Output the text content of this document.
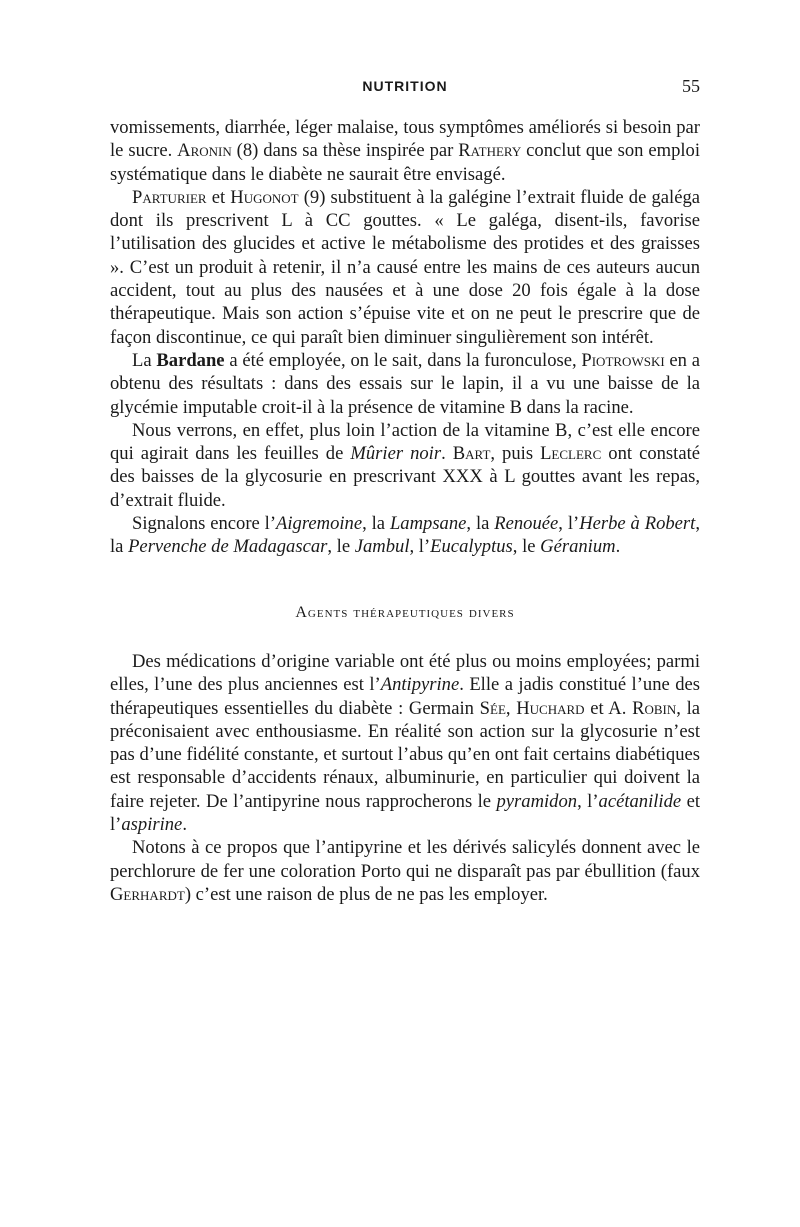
NUTRITION	55

vomissements, diarrhée, léger malaise, tous symptômes améliorés si besoin par le sucre. Aronin (8) dans sa thèse inspirée par Rathery conclut que son emploi systématique dans le diabète ne saurait être envisagé.

Parturier et Hugonot (9) substituent à la galégine l’extrait fluide de galéga dont ils prescrivent L à CC gouttes. « Le galéga, disent-ils, favorise l’utilisation des glucides et active le métabolisme des protides et des graisses ». C’est un produit à retenir, il n’a causé entre les mains de ces auteurs aucun accident, tout au plus des nausées et à une dose 20 fois égale à la dose thérapeutique. Mais son action s’épuise vite et on ne peut le prescrire que de façon discontinue, ce qui paraît bien diminuer singulièrement son intérêt.

La Bardane a été employée, on le sait, dans la furonculose, Piotrowski en a obtenu des résultats : dans des essais sur le lapin, il a vu une baisse de la glycémie imputable croit-il à la présence de vitamine B dans la racine.

Nous verrons, en effet, plus loin l’action de la vitamine B, c’est elle encore qui agirait dans les feuilles de Mûrier noir. Bart, puis Leclerc ont constaté des baisses de la glycosurie en prescrivant XXX à L gouttes avant les repas, d’extrait fluide.

Signalons encore l’Aigremoine, la Lampsane, la Renouée, l’Herbe à Robert, la Pervenche de Madagascar, le Jambul, l’Eucalyptus, le Géranium.

Agents thérapeutiques divers

Des médications d’origine variable ont été plus ou moins employées; parmi elles, l’une des plus anciennes est l’Antipyrine. Elle a jadis constitué l’une des thérapeutiques essentielles du diabète : Germain Sée, Huchard et A. Robin, la préconisaient avec enthousiasme. En réalité son action sur la glycosurie n’est pas d’une fidélité constante, et surtout l’abus qu’en ont fait certains diabétiques est responsable d’accidents rénaux, albuminurie, en particulier qui doivent la faire rejeter. De l’antipyrine nous rapprocherons le pyramidon, l’acétanilide et l’aspirine.

Notons à ce propos que l’antipyrine et les dérivés salicylés donnent avec le perchlorure de fer une coloration Porto qui ne disparaît pas par ébullition (faux Gerhardt) c’est une raison de plus de ne pas les employer.
